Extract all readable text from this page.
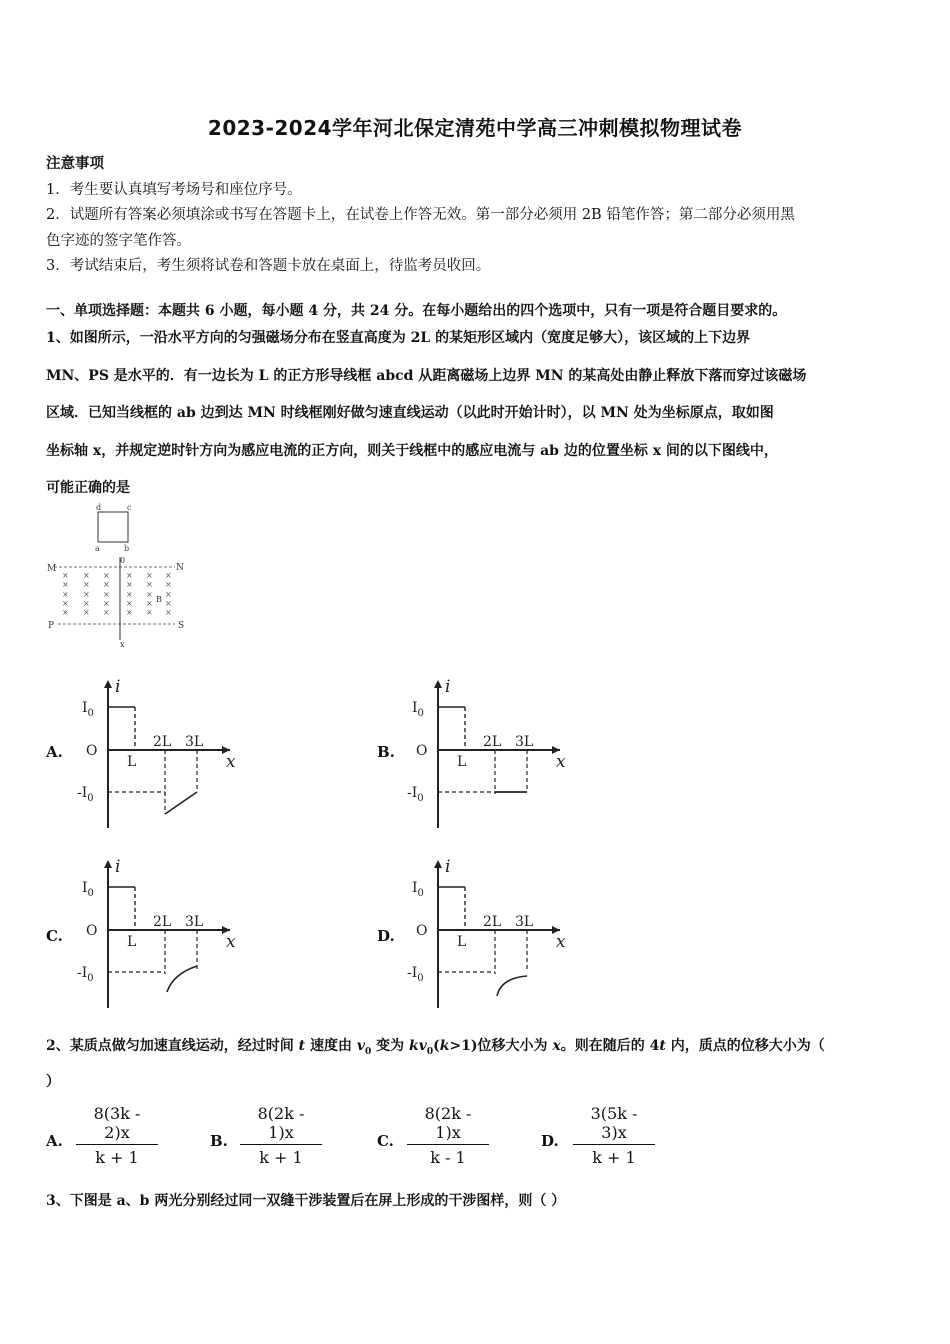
2023-2024学年河北保定清苑中学高三冲刺模拟物理试卷
注意事项
1．考生要认真填写考场号和座位序号。
2．试题所有答案必须填涂或书写在答题卡上，在试卷上作答无效。第一部分必须用 2B 铅笔作答；第二部分必须用黑
色字迹的签字笔作答。
3．考试结束后，考生须将试卷和答题卡放在桌面上，待监考员收回。
一、单项选择题：本题共 6 小题，每小题 4 分，共 24 分。在每小题给出的四个选项中，只有一项是符合题目要求的。
1、如图所示，一沿水平方向的匀强磁场分布在竖直高度为 2L 的某矩形区域内（宽度足够大），该区域的上下边界
MN、PS 是水平的．有一边长为 L 的正方形导线框 abcd 从距离磁场上边界 MN 的某高处由静止释放下落而穿过该磁场
区域．已知当线框的 ab 边到达 MN 时线框刚好做匀速直线运动（以此时开始计时），以 MN 处为坐标原点，取如图
坐标轴 x，并规定逆时针方向为感应电流的正方向，则关于线框中的感应电流与 ab 边的位置坐标 x 间的以下图线中，
可能正确的是
d	c
a	b
M	N
P	S
0
x
B
× × × × × ×
× × × × × ×
× × × × × ×
× × × × × ×
× × × × × ×
A.	B.
C.	D.
i
$I_0$
$-I_0$
O
L
2L 3L
x
i
$I_0$
$-I_0$
O
L
2L 3L
x
i
$I_0$
$-I_0$
O
L
2L 3L
x
i
$I_0$
$-I_0$
O
L
2L 3L
x
2、某质点做匀加速直线运动，经过时间 t 速度由 $v_0$ 变为 $kv_0(k>1)$位移大小为 x。则在随后的 4t 内，质点的位移大小为（
）
A. $\frac{8(3k - 2)x}{k + 1}$	B. $\frac{8(2k - 1)x}{k + 1}$	C. $\frac{8(2k - 1)x}{k - 1}$	D. $\frac{3(5k - 3)x}{k + 1}$
3、下图是 a、b 两光分别经过同一双缝干涉装置后在屏上形成的干涉图样，则（ ）
